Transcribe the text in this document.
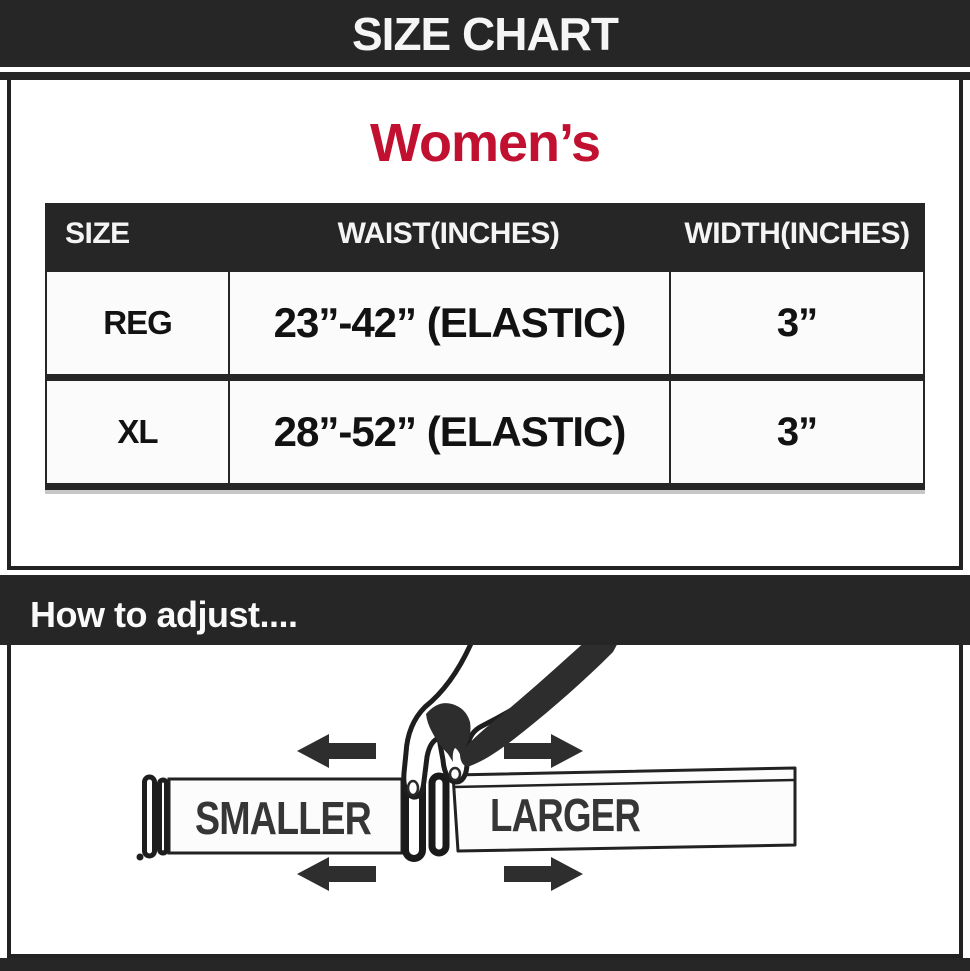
SIZE CHART
Women’s
SIZE	WAIST(INCHES)	WIDTH(INCHES)
REG	23”-42” (ELASTIC)	3”
XL	28”-52” (ELASTIC)	3”
How to adjust....
SMALLER	LARGER
